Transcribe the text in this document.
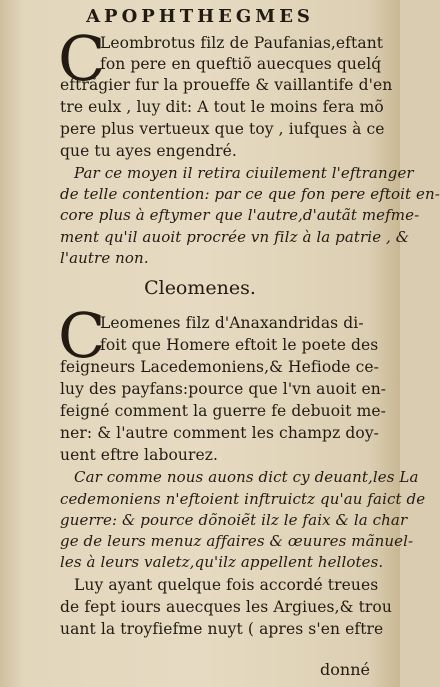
APOPHTHEGMES
C
Leombrotus filz de Paufanias,eftant
fon pere en queftiõ auecques quelq́
eftrãgier fur la proueffe & vaillantife d'en
tre eulx , luy dit: A tout le moins fera mõ
pere plus vertueux que toy , iufques à ce
que tu ayes engendré.
Par ce moyen il retira ciuilement l'eftranger
de telle contention: par ce que fon pere eftoit en-
core plus à eftymer que l'autre,d'autãt mefme-
ment qu'il auoit procrée vn filz à la patrie , &
l'autre non.
Cleomenes.
C
Leomenes filz d'Anaxandridas di-
foit que Homere eftoit le poete des
feigneurs Lacedemoniens,& Hefiode ce-
luy des payfans:pource que l'vn auoit en-
feigné comment la guerre fe debuoit me-
ner: & l'autre comment les champz doy-
uent eftre labourez.
Car comme nous auons dict cy deuant,les La
cedemoniens n'eftoient inftruictz qu'au faict de
guerre: & pource dõnoiẽt ilz le faix & la char
ge de leurs menuz affaires & œuures mãnuel-
les à leurs valetz,qu'ilz appellent hellotes.
Luy ayant quelque fois accordé treues
de fept iours auecques les Argiues,& trou
uant la troyfiefme nuyt ( apres s'en eftre
donné
